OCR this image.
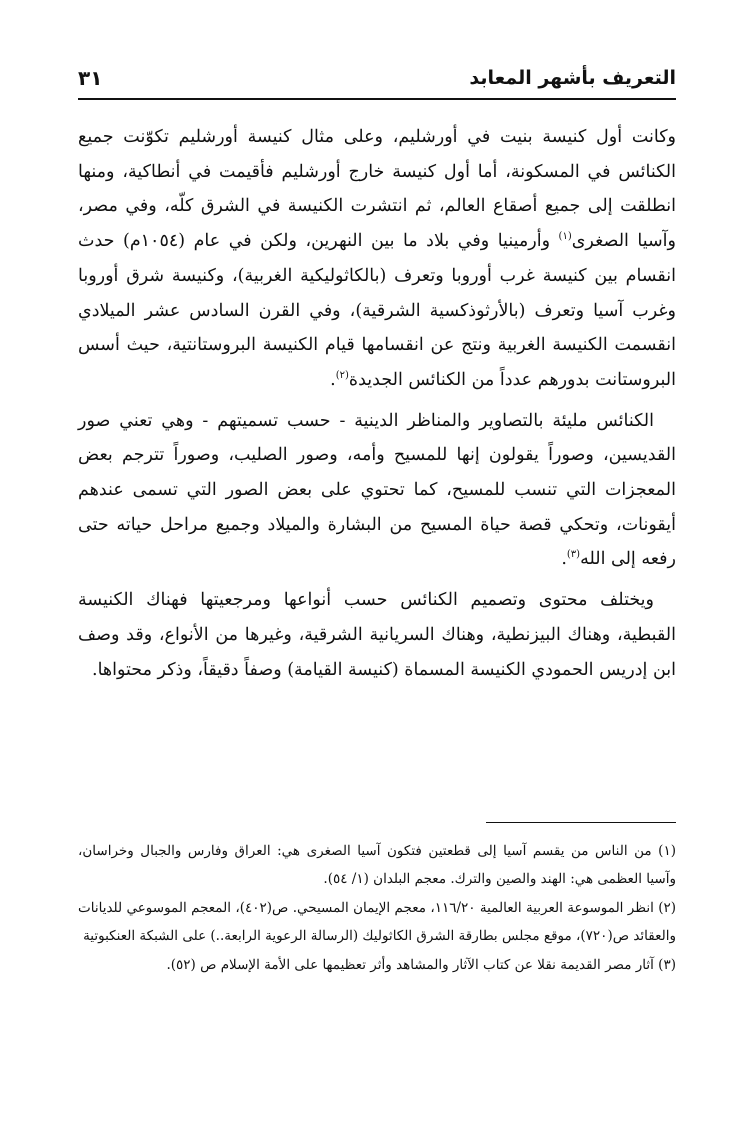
التعريف بأشهر المعابد
٣١

وكانت أول كنيسة بنيت في أورشليم، وعلى مثال كنيسة أورشليم تكوّنت جميع الكنائس في المسكونة، أما أول كنيسة خارج أورشليم فأقيمت في أنطاكية، ومنها انطلقت إلى جميع أصقاع العالم، ثم انتشرت الكنيسة في الشرق كلّه، وفي مصر، وآسيا الصغرى$^{(١)}$ وأرمينيا وفي بلاد ما بين النهرين، ولكن في عام (١٠٥٤م) حدث انقسام بين كنيسة غرب أوروبا وتعرف (بالكاثوليكية الغربية)، وكنيسة شرق أوروبا وغرب آسيا وتعرف (بالأرثوذكسية الشرقية)، وفي القرن السادس عشر الميلادي انقسمت الكنيسة الغربية ونتج عن انقسامها قيام الكنيسة البروستانتية، حيث أسس البروستانت بدورهم عدداً من الكنائس الجديدة$^{(٢)}$.

الكنائس مليئة بالتصاوير والمناظر الدينية - حسب تسميتهم - وهي تعني صور القديسين، وصوراً يقولون إنها للمسيح وأمه، وصور الصليب، وصوراً تترجم بعض المعجزات التي تنسب للمسيح، كما تحتوي على بعض الصور التي تسمى عندهم أيقونات، وتحكي قصة حياة المسيح من البشارة والميلاد وجميع مراحل حياته حتى رفعه إلى الله$^{(٣)}$.

ويختلف محتوى وتصميم الكنائس حسب أنواعها ومرجعيتها فهناك الكنيسة القبطية، وهناك البيزنطية، وهناك السريانية الشرقية، وغيرها من الأنواع، وقد وصف ابن إدريس الحمودي الكنيسة المسماة (كنيسة القيامة) وصفاً دقيقاً، وذكر محتواها.

(١) من الناس من يقسم آسيا إلى قطعتين فتكون آسيا الصغرى هي: العراق وفارس والجبال وخراسان، وآسيا العظمى هي: الهند والصين والترك. معجم البلدان (١/ ٥٤).

(٢) انظر الموسوعة العربية العالمية ١١٦/٢٠، معجم الإيمان المسيحي. ص(٤٠٢)، المعجم الموسوعي للديانات والعقائد ص(٧٢٠)، موقع مجلس بطارقة الشرق الكاثوليك (الرسالة الرعوية الرابعة..) على الشبكة العنكبوتية

(٣) آثار مصر القديمة نقلا عن كتاب الآثار والمشاهد وأثر تعظيمها على الأمة الإسلام ص (٥٢).
